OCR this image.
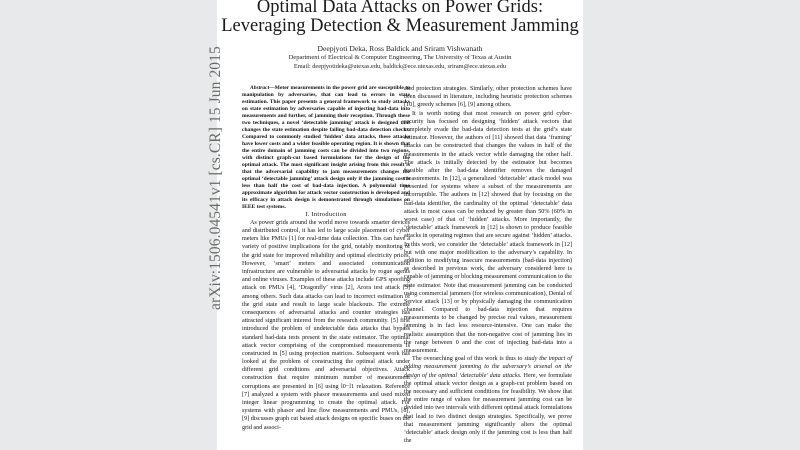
Optimal Data Attacks on Power Grids:
Leveraging Detection & Measurement Jamming
Deepjyoti Deka, Ross Baldick and Sriram Vishwanath
Department of Electrical & Computer Engineering, The University of Texas at Austin
Email: deepjyotideka@utexas.edu, baldick@ece.utexas.edu, sriram@ece.utexas.edu

Abstract—Meter measurements in the power grid are susceptible to manipulation by adversaries, that can lead to errors in state estimation. This paper presents a general framework to study attacks on state estimation by adversaries capable of injecting bad-data into measurements and further, of jamming their reception. Through these two techniques, a novel ‘detectable jamming’ attack is designed that changes the state estimation despite failing bad-data detection checks. Compared to commonly studied ‘hidden’ data attacks, these attacks have lower costs and a wider feasible operating region. It is shown that the entire domain of jamming costs can be divided into two regions, with distinct graph-cut based formulations for the design of the optimal attack. The most significant insight arising from this result is that the adversarial capability to jam measurements changes the optimal ‘detectable jamming’ attack design only if the jamming cost is less than half the cost of bad-data injection. A polynomial time approximate algorithm for attack vector construction is developed and its efficacy in attack design is demonstrated through simulations on IEEE test systems.

I. Introduction

As power grids around the world move towards smarter devices and distributed control, it has led to large scale placement of cyber meters like PMUs [1] for real-time data collection. This can have a variety of positive implications for the grid, notably monitoring of the grid state for improved reliability and optimal electricity prices. However, ‘smart’ meters and associated communication infrastructure are vulnerable to adversarial attacks by rogue agents and online viruses. Examples of these attacks include GPS spoofing attack on PMUs [4], ‘Dragonfly’ virus [2], Arora test attack [3] among others. Such data attacks can lead to incorrect estimation of the grid state and result to large scale blackouts. The extreme consequences of adversarial attacks and counter strategies has attracted significant interest from the research community. [5] first introduced the problem of undetectable data attacks that bypass standard bad-data tests present in the state estimator. The optimal attack vector comprising of the compromised measurements is constructed in [5] using projection matrices. Subsequent work has looked at the problem of constructing the optimal attack under different grid conditions and adversarial objectives. Attack construction that require minimum number of measurement corruptions are presented in [6] using l0−l1 relaxation. Reference [7] analyzed a system with phasor measurements and used mixed integer linear programming to create the optimal attack. For systems with phasor and line flow measurements and PMUs, [8], [9] discusses graph cut based attack designs on specific buses on the grid and associ-

ated protection strategies. Similarly, other protection schemes have been discussed in literature, including heuristic protection schemes [10], greedy schemes [6], [9] among others.

It is worth noting that most research on power grid cyber-security has focused on designing ‘hidden’ attack vectors that completely evade the bad-data detection tests at the grid’s state estimator. However, the authors of [11] showed that data ‘framing’ attacks can be constructed that changes the values in half of the measurements in the attack vector while damaging the other half. The attack is initially detected by the estimator but becomes feasible after the bad-data identifier removes the damaged measurements. In [12], a generalized ‘detectable’ attack model was presented for systems where a subset of the measurements are incorruptible. The authors in [12] showed that by focusing on the bad-data identifier, the cardinality of the optimal ‘detectable’ data attack in most cases can be reduced by greater than 50% (60% in worst case) of that of ‘hidden’ attacks. More importantly, the ‘detectable’ attack framework in [12] is shown to produce feasible attacks in operating regimes that are secure against ‘hidden’ attacks. In this work, we consider the ‘detectable’ attack framework in [12] but with one major modification to the adversary’s capability. In addition to modifying insecure measurements (bad-data injection) as described in previous work, the adversary considered here is capable of jamming or blocking measurement communication to the state estimator. Note that measurement jamming can be conducted using commercial jammers (for wireless communication), Denial of Service attack [13] or by physically damaging the communication channel. Compared to bad-data injection that requires measurements to be changed by precise real values, measurement jamming is in fact less resource-intensive. One can make the realistic assumption that the non-negative cost of jamming lies in the range between 0 and the cost of injecting bad-data into a measurement.

The overarching goal of this work is thus to study the impact of adding measurement jamming to the adversary’s arsenal on the design of the optimal ‘detectable’ data attacks. Here, we formulate the optimal attack vector design as a graph-cut problem based on the necessary and sufficient conditions for feasibility. We show that the entire range of values for measurement jamming cost can be divided into two intervals with different optimal attack formulations that lead to two distinct design strategies. Specifically, we prove that measurement jamming significantly alters the optimal ‘detectable’ attack design only if the jamming cost is less than half the

arXiv:1506.04541v1 [cs.CR] 15 Jun 2015
